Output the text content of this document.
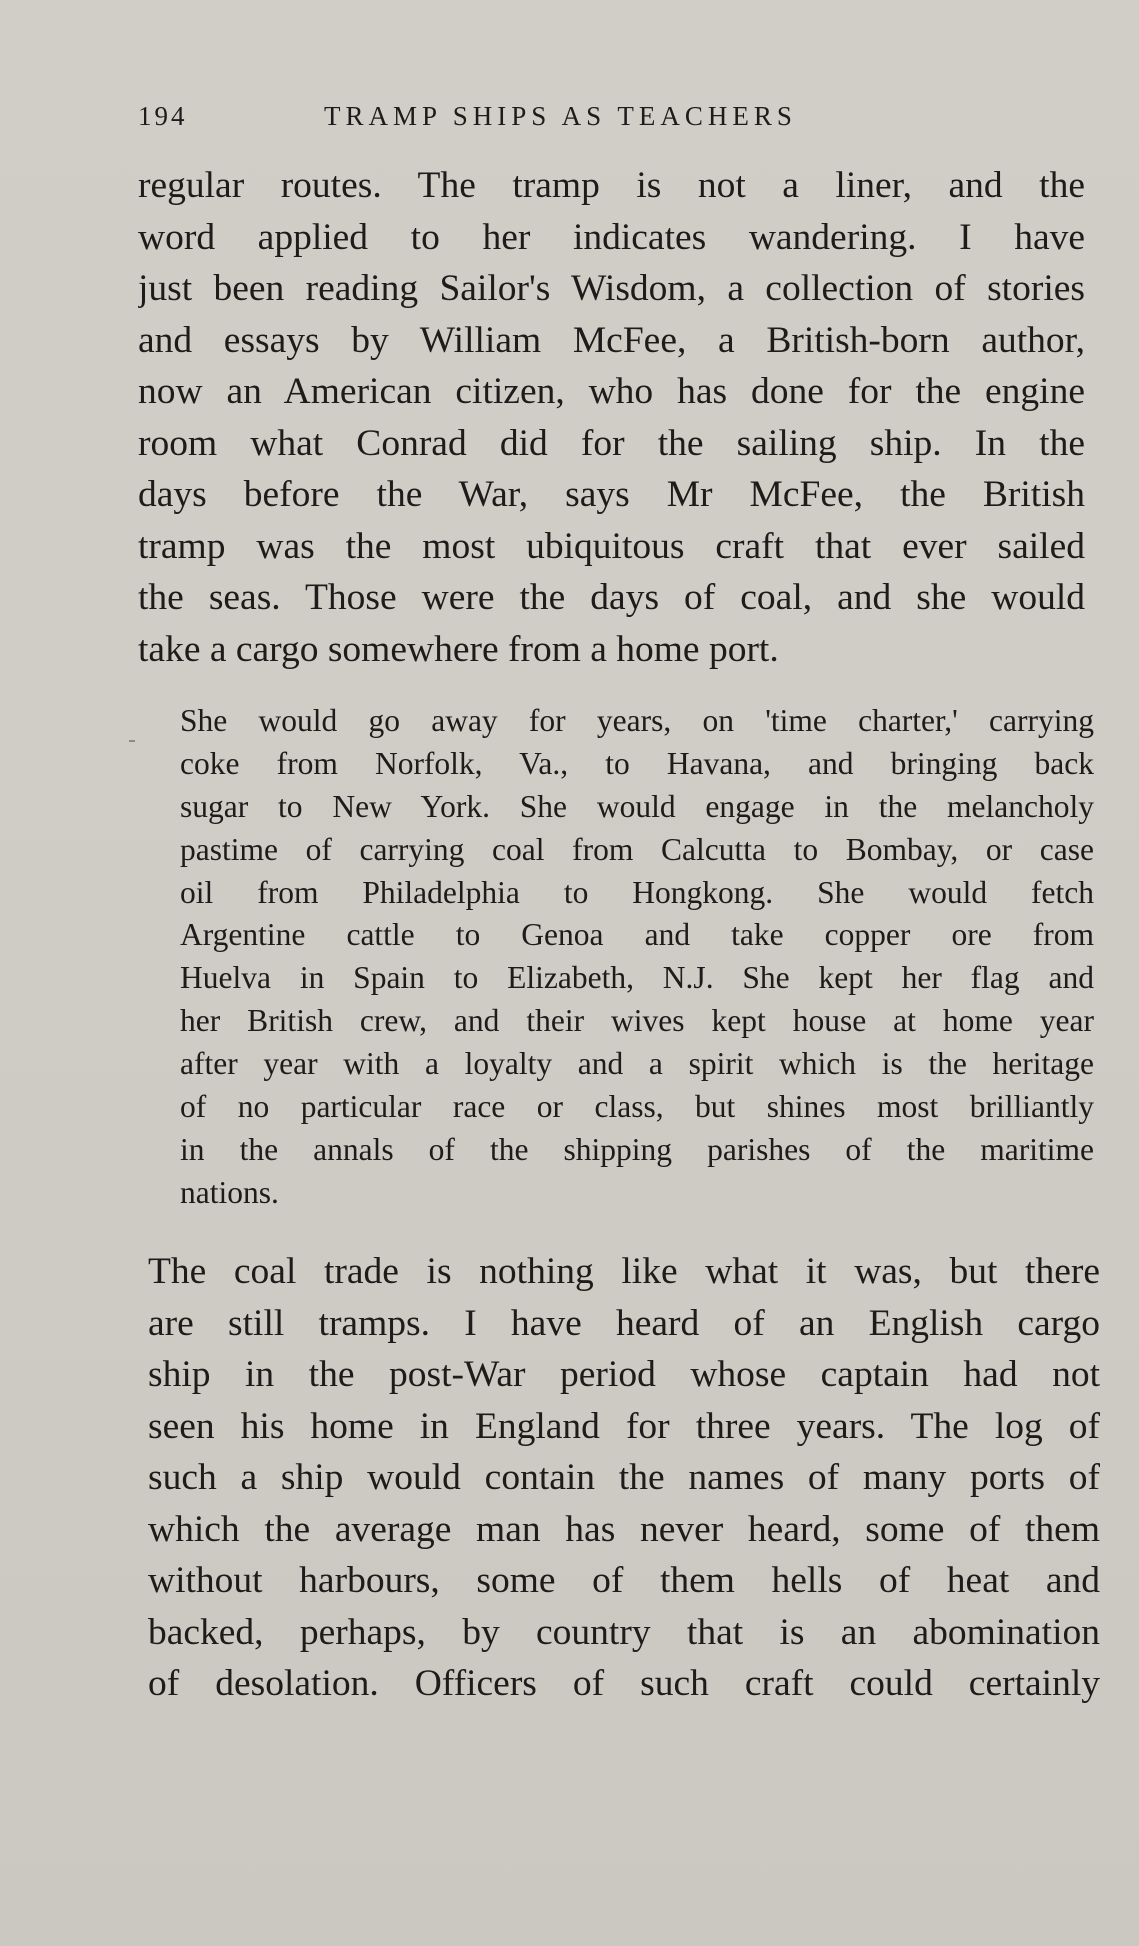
194	TRAMP SHIPS AS TEACHERS
regular routes. The tramp is not a liner, and the
word applied to her indicates wandering. I have
just been reading Sailor's Wisdom, a collection of stories
and essays by William McFee, a British-born author,
now an American citizen, who has done for the engine
room what Conrad did for the sailing ship. In the
days before the War, says Mr McFee, the British
tramp was the most ubiquitous craft that ever sailed
the seas. Those were the days of coal, and she would
take a cargo somewhere from a home port.
She would go away for years, on 'time charter,' carrying
coke from Norfolk, Va., to Havana, and bringing back
sugar to New York. She would engage in the melancholy
pastime of carrying coal from Calcutta to Bombay, or case
oil from Philadelphia to Hongkong. She would fetch
Argentine cattle to Genoa and take copper ore from
Huelva in Spain to Elizabeth, N.J. She kept her flag and
her British crew, and their wives kept house at home year
after year with a loyalty and a spirit which is the heritage
of no particular race or class, but shines most brilliantly
in the annals of the shipping parishes of the maritime
nations.
The coal trade is nothing like what it was, but there
are still tramps. I have heard of an English cargo
ship in the post-War period whose captain had not
seen his home in England for three years. The log of
such a ship would contain the names of many ports of
which the average man has never heard, some of them
without harbours, some of them hells of heat and
backed, perhaps, by country that is an abomination
of desolation. Officers of such craft could certainly
